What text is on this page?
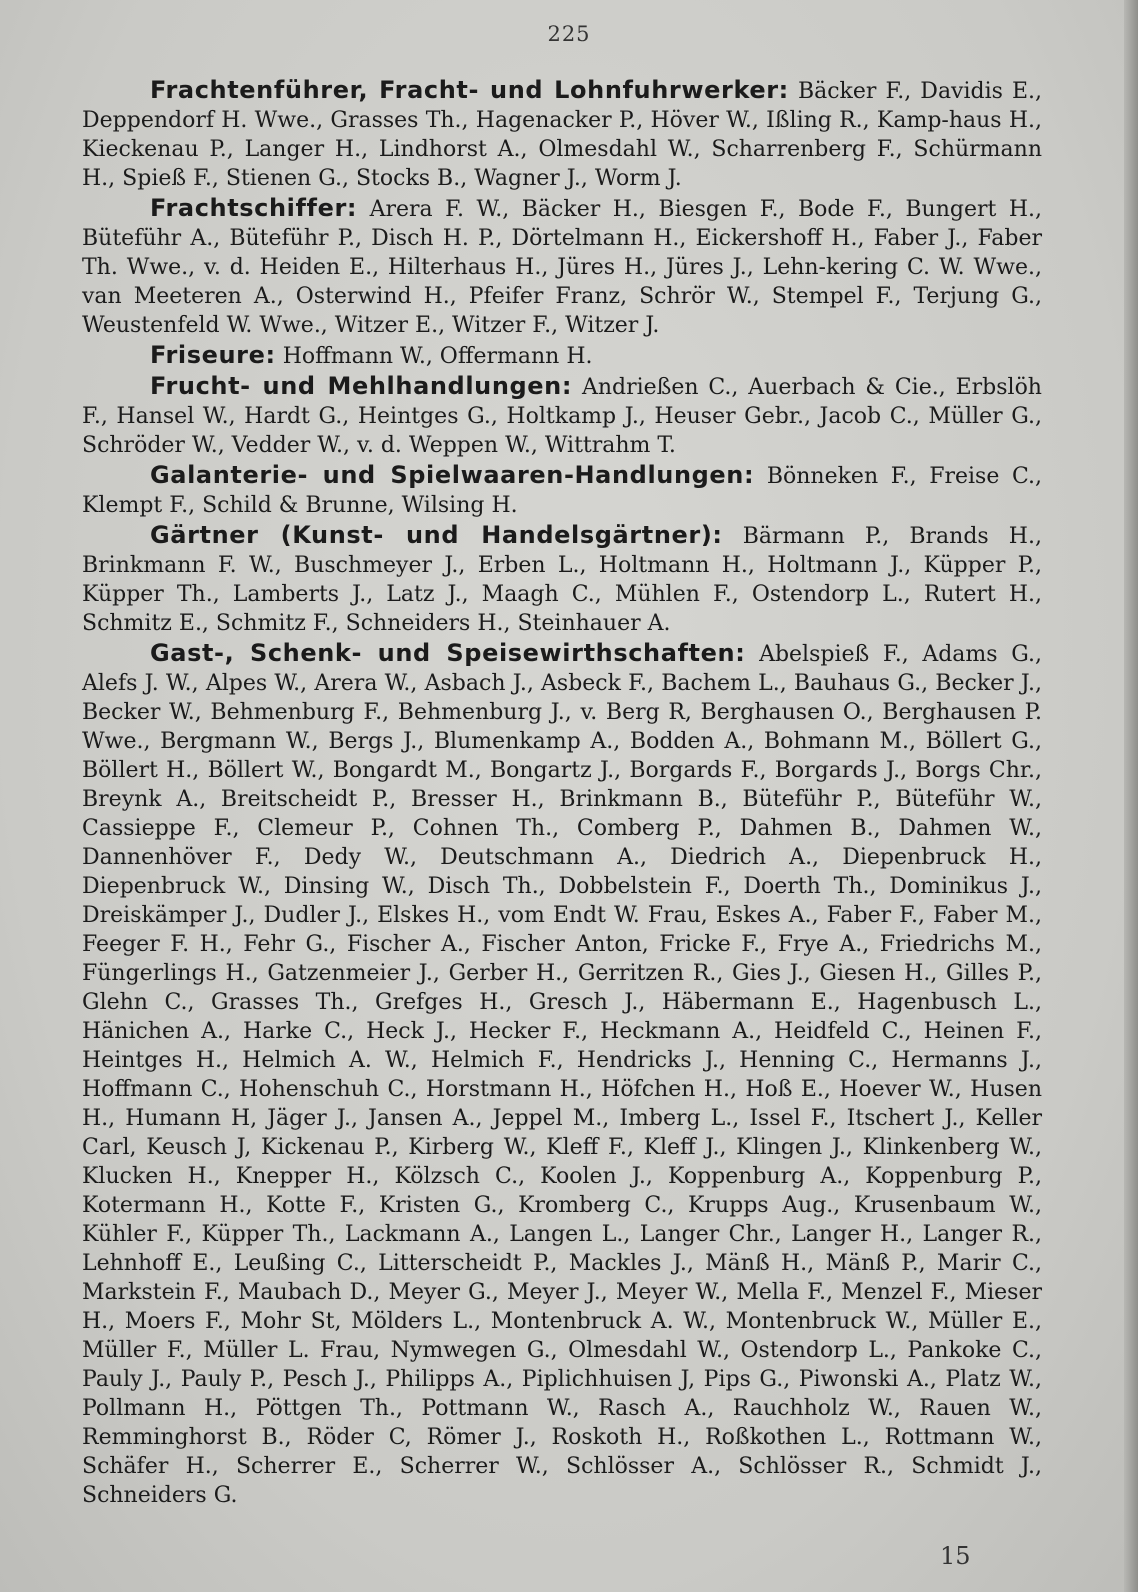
225

Frachtenführer, Fracht- und Lohnfuhrwerker: Bäcker F., Davidis E., Deppendorf H. Wwe., Grasses Th., Hagenacker P., Höver W., Ißling R., Kamp-haus H., Kieckenau P., Langer H., Lindhorst A., Olmesdahl W., Scharrenberg F., Schürmann H., Spieß F., Stienen G., Stocks B., Wagner J., Worm J.

Frachtschiffer: Arera F. W., Bäcker H., Biesgen F., Bode F., Bungert H., Büteführ A., Büteführ P., Disch H. P., Dörtelmann H., Eickershoff H., Faber J., Faber Th. Wwe., v. d. Heiden E., Hilterhaus H., Jüres H., Jüres J., Lehn-kering C. W. Wwe., van Meeteren A., Osterwind H., Pfeifer Franz, Schrör W., Stempel F., Terjung G., Weustenfeld W. Wwe., Witzer E., Witzer F., Witzer J.

Friseure: Hoffmann W., Offermann H.

Frucht- und Mehlhandlungen: Andrießen C., Auerbach & Cie., Erbslöh F., Hansel W., Hardt G., Heintges G., Holtkamp J., Heuser Gebr., Jacob C., Müller G., Schröder W., Vedder W., v. d. Weppen W., Wittrahm T.

Galanterie- und Spielwaaren-Handlungen: Bönneken F., Freise C., Klempt F., Schild & Brunne, Wilsing H.

Gärtner (Kunst- und Handelsgärtner): Bärmann P., Brands H., Brinkmann F. W., Buschmeyer J., Erben L., Holtmann H., Holtmann J., Küpper P., Küpper Th., Lamberts J., Latz J., Maagh C., Mühlen F., Ostendorp L., Rutert H., Schmitz E., Schmitz F., Schneiders H., Steinhauer A.

Gast-, Schenk- und Speisewirthschaften: Abelspieß F., Adams G., Alefs J. W., Alpes W., Arera W., Asbach J., Asbeck F., Bachem L., Bauhaus G., Becker J., Becker W., Behmenburg F., Behmenburg J., v. Berg R, Berghausen O., Berghausen P. Wwe., Bergmann W., Bergs J., Blumenkamp A., Bodden A., Bohmann M., Böllert G., Böllert H., Böllert W., Bongardt M., Bongartz J., Borgards F., Borgards J., Borgs Chr., Breynk A., Breitscheidt P., Bresser H., Brinkmann B., Büteführ P., Büteführ W., Cassieppe F., Clemeur P., Cohnen Th., Comberg P., Dahmen B., Dahmen W., Dannenhöver F., Dedy W., Deutschmann A., Diedrich A., Diepenbruck H., Diepenbruck W., Dinsing W., Disch Th., Dobbelstein F., Doerth Th., Dominikus J., Dreiskämper J., Dudler J., Elskes H., vom Endt W. Frau, Eskes A., Faber F., Faber M., Feeger F. H., Fehr G., Fischer A., Fischer Anton, Fricke F., Frye A., Friedrichs M., Füngerlings H., Gatzenmeier J., Gerber H., Gerritzen R., Gies J., Giesen H., Gilles P., Glehn C., Grasses Th., Grefges H., Gresch J., Häbermann E., Hagenbusch L., Hänichen A., Harke C., Heck J., Hecker F., Heckmann A., Heidfeld C., Heinen F., Heintges H., Helmich A. W., Helmich F., Hendricks J., Henning C., Hermanns J., Hoffmann C., Hohenschuh C., Horstmann H., Höfchen H., Hoß E., Hoever W., Husen H., Humann H, Jäger J., Jansen A., Jeppel M., Imberg L., Issel F., Itschert J., Keller Carl, Keusch J, Kickenau P., Kirberg W., Kleff F., Kleff J., Klingen J., Klinkenberg W., Klucken H., Knepper H., Kölzsch C., Koolen J., Koppenburg A., Koppenburg P., Kotermann H., Kotte F., Kristen G., Kromberg C., Krupps Aug., Krusenbaum W., Kühler F., Küpper Th., Lackmann A., Langen L., Langer Chr., Langer H., Langer R., Lehnhoff E., Leußing C., Litterscheidt P., Mackles J., Mänß H., Mänß P., Marir C., Markstein F., Maubach D., Meyer G., Meyer J., Meyer W., Mella F., Menzel F., Mieser H., Moers F., Mohr St, Mölders L., Montenbruck A. W., Montenbruck W., Müller E., Müller F., Müller L. Frau, Nymwegen G., Olmesdahl W., Ostendorp L., Pankoke C., Pauly J., Pauly P., Pesch J., Philipps A., Piplichhuisen J, Pips G., Piwonski A., Platz W., Pollmann H., Pöttgen Th., Pottmann W., Rasch A., Rauchholz W., Rauen W., Remminghorst B., Röder C, Römer J., Roskoth H., Roßkothen L., Rottmann W., Schäfer H., Scherrer E., Scherrer W., Schlösser A., Schlösser R., Schmidt J., Schneiders G.

15
